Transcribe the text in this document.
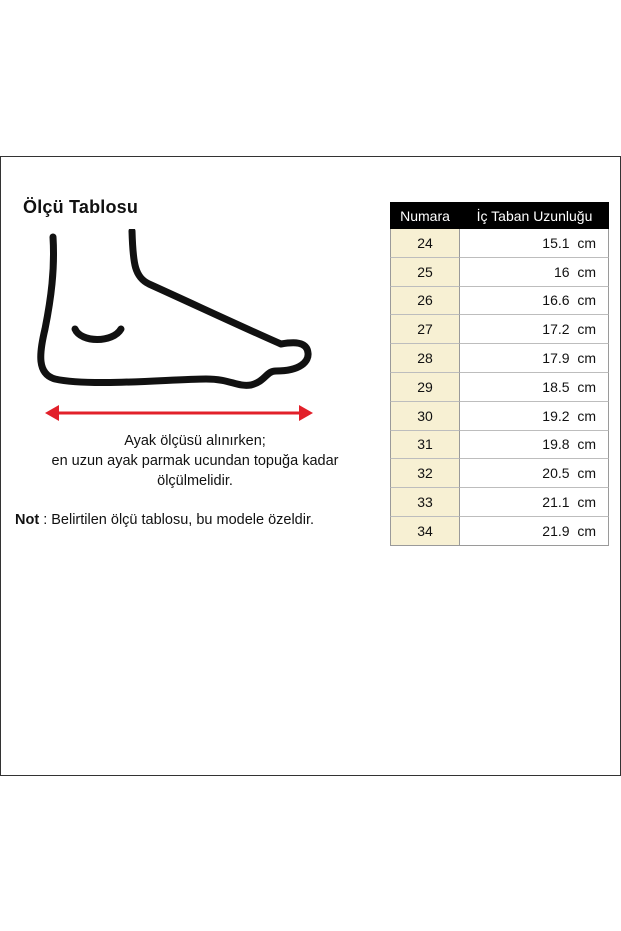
Ölçü Tablosu
Ayak ölçüsü alınırken;
en uzun ayak parmak ucundan topuğa kadar
ölçülmelidir.
Not : Belirtilen ölçü tablosu, bu modele özeldir.
Numara	İç Taban Uzunluğu
24	15.1  cm
25	16  cm
26	16.6  cm
27	17.2  cm
28	17.9  cm
29	18.5  cm
30	19.2  cm
31	19.8  cm
32	20.5  cm
33	21.1  cm
34	21.9  cm
